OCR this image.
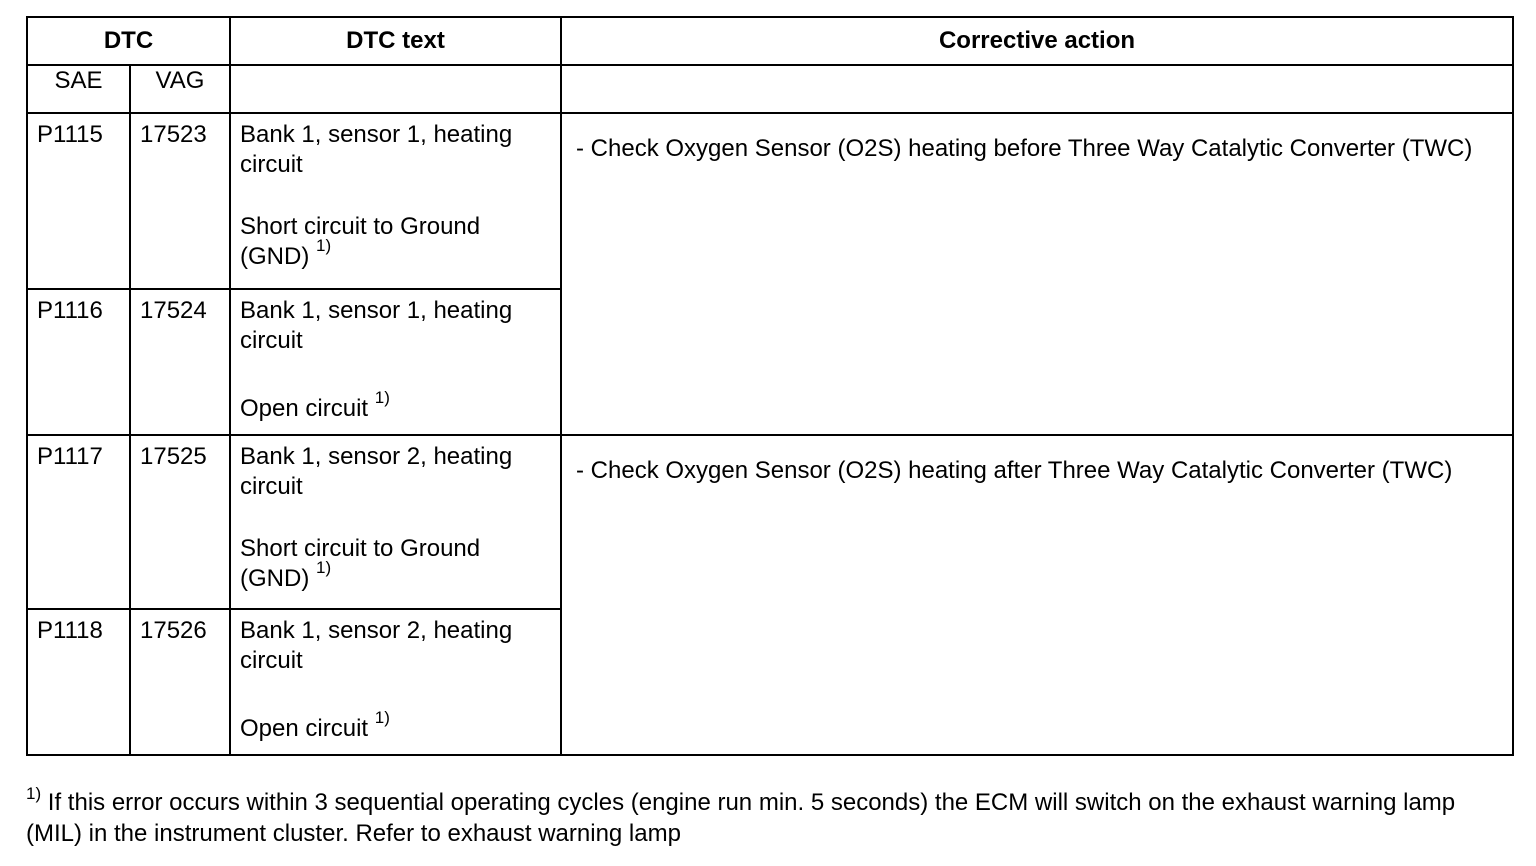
DTC		DTC text	Corrective action
SAE	VAG		
P1115	17523	Bank 1, sensor 1, heating circuit

Short circuit to Ground (GND) $^{1)}$	- Check Oxygen Sensor (O2S) heating before Three Way Catalytic Converter (TWC)
P1116	17524	Bank 1, sensor 1, heating circuit

Open circuit $^{1)}$

P1117	17525	Bank 1, sensor 2, heating circuit

Short circuit to Ground (GND) $^{1)}$	- Check Oxygen Sensor (O2S) heating after Three Way Catalytic Converter (TWC)
P1118	17526	Bank 1, sensor 2, heating circuit

Open circuit $^{1)}$

$^{1)}$ If this error occurs within 3 sequential operating cycles (engine run min. 5 seconds) the ECM will switch on the exhaust warning lamp (MIL) in the instrument cluster. Refer to exhaust warning lamp
